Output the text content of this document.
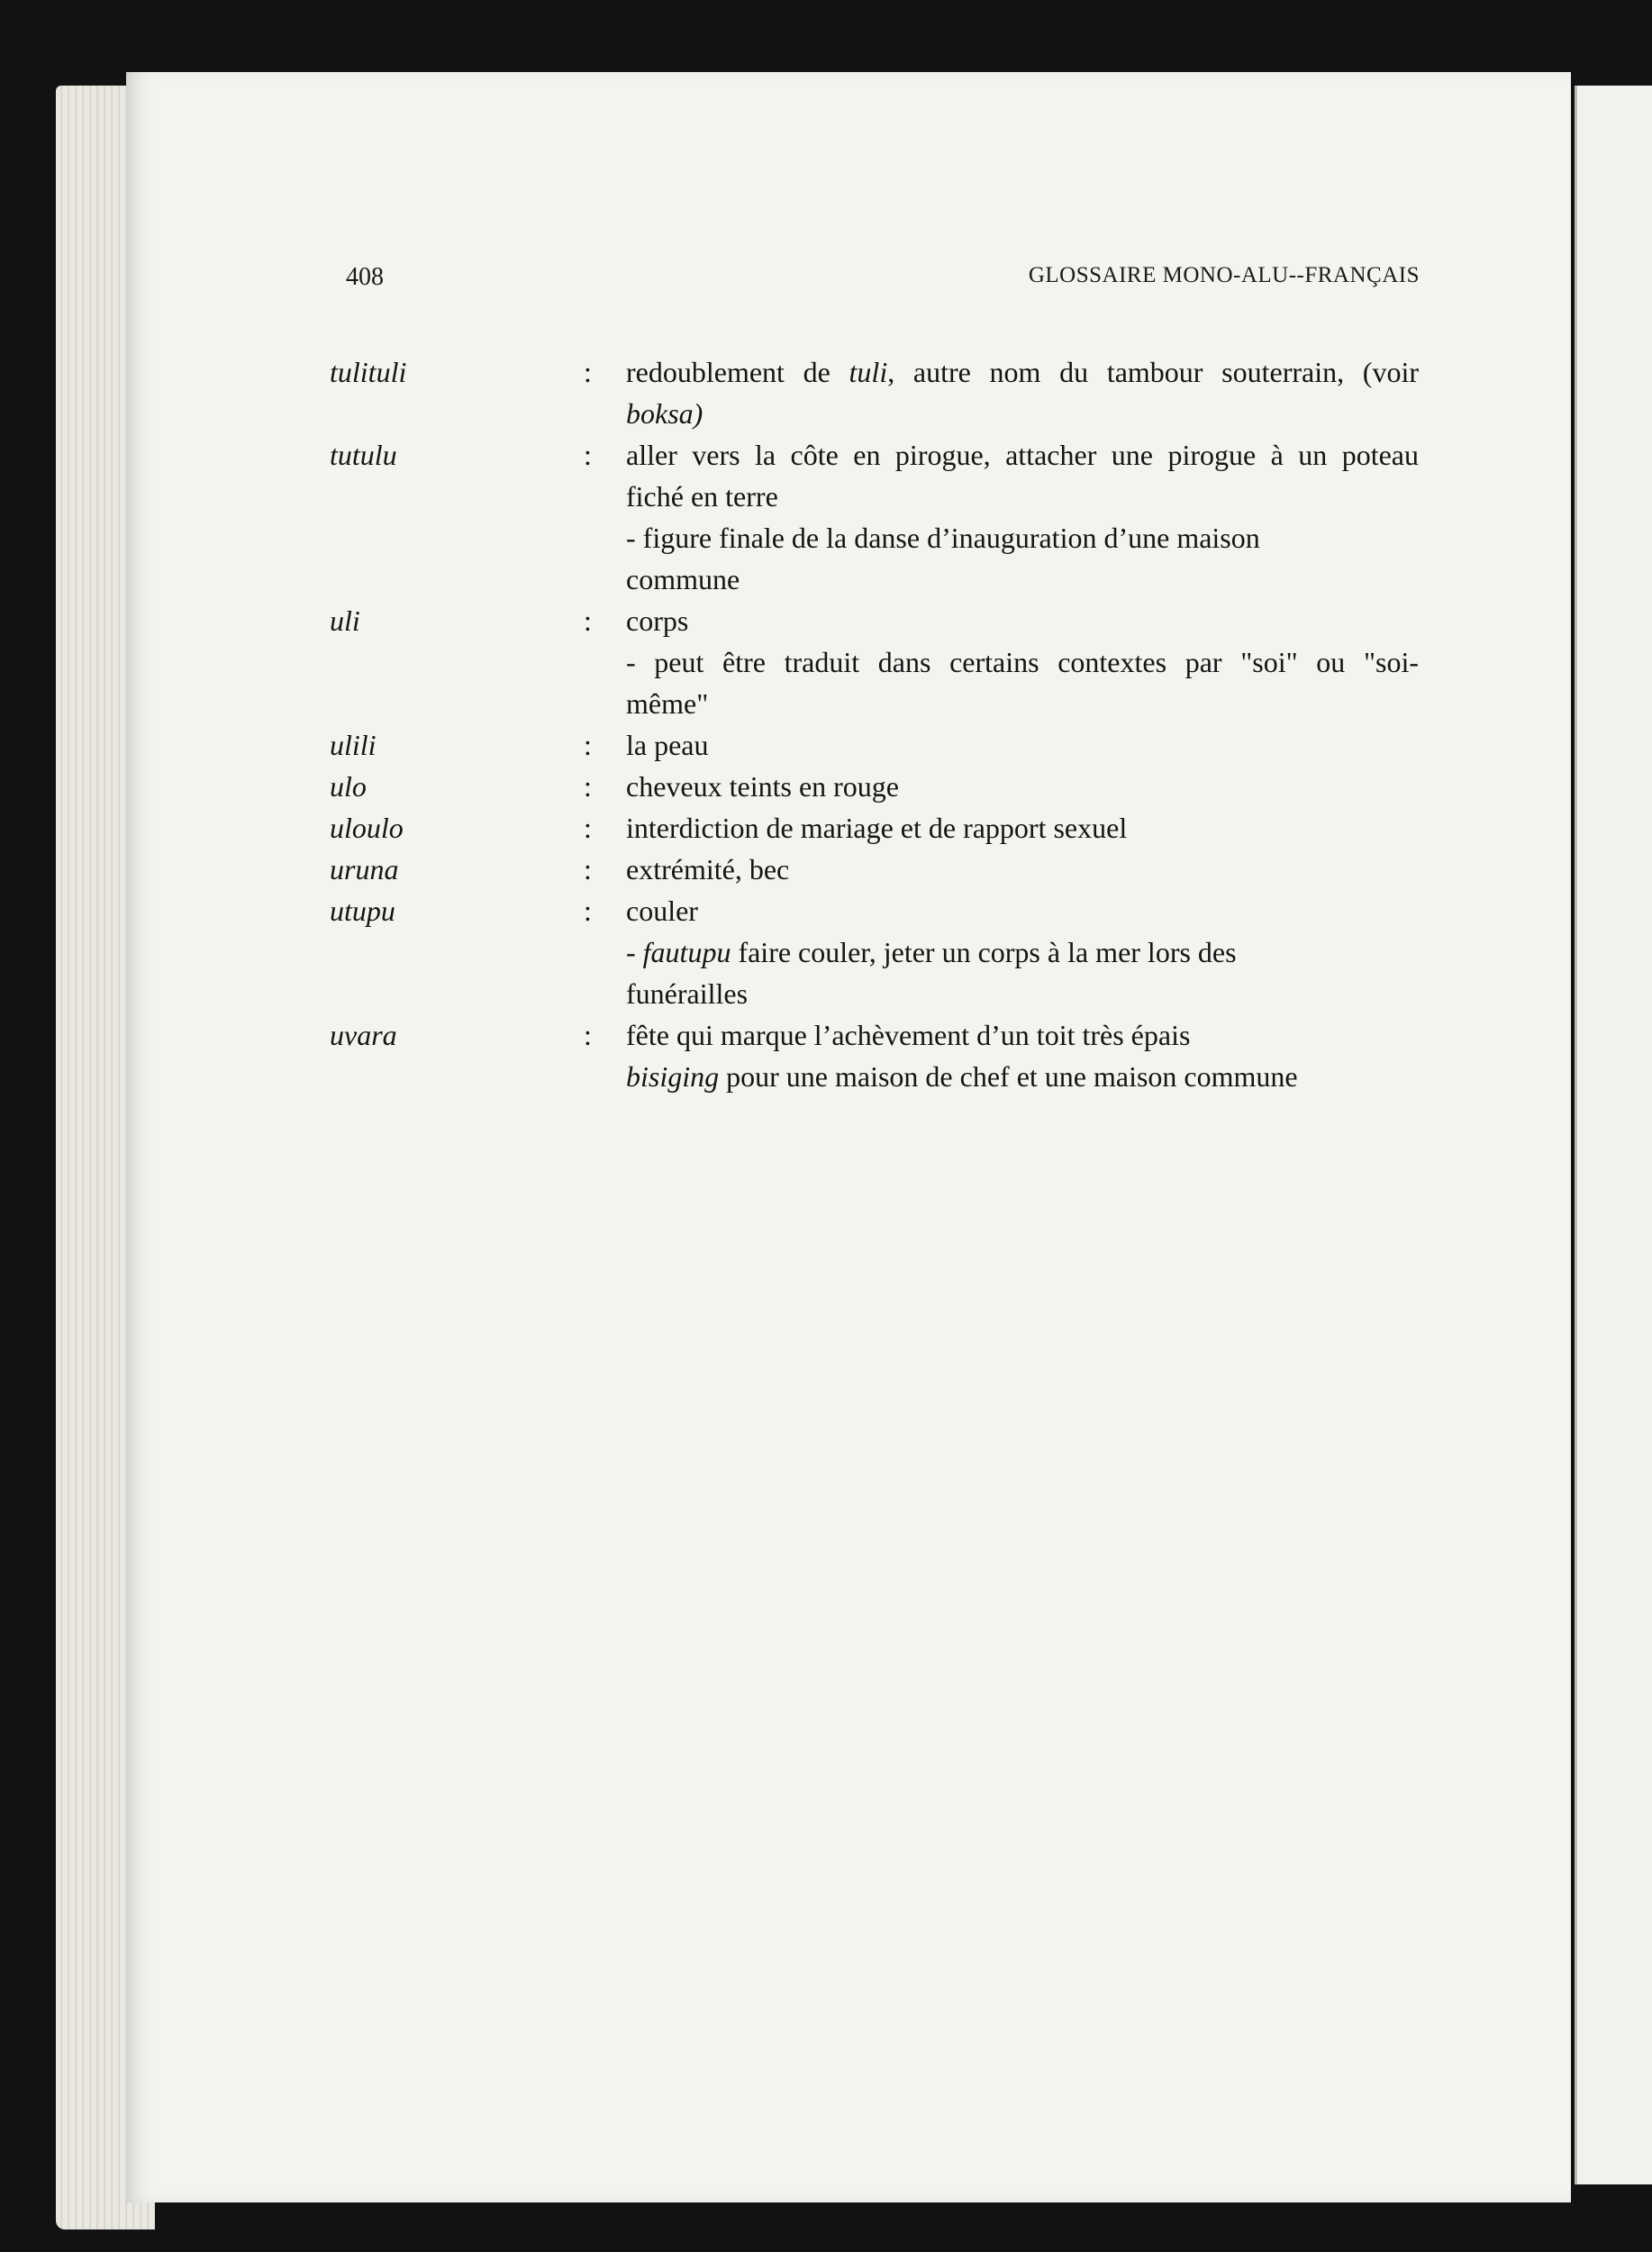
408	GLOSSAIRE MONO-ALU--FRANÇAIS
tulituli	: redoublement de tuli, autre nom du tambour souterrain, (voir
boksa)
tutulu	: aller vers la côte en pirogue, attacher une pirogue à un poteau
fiché en terre
- figure finale de la danse d’inauguration d’une maison
commune
uli	: corps
- peut être traduit dans certains contextes par "soi" ou "soi-
même"
ulili	: la peau
ulo	: cheveux teints en rouge
uloulo	: interdiction de mariage et de rapport sexuel
uruna	: extrémité, bec
utupu	: couler
- fautupu faire couler, jeter un corps à la mer lors des
funérailles
uvara	: fête qui marque l’achèvement d’un toit très épais
bisiging pour une maison de chef et une maison commune
